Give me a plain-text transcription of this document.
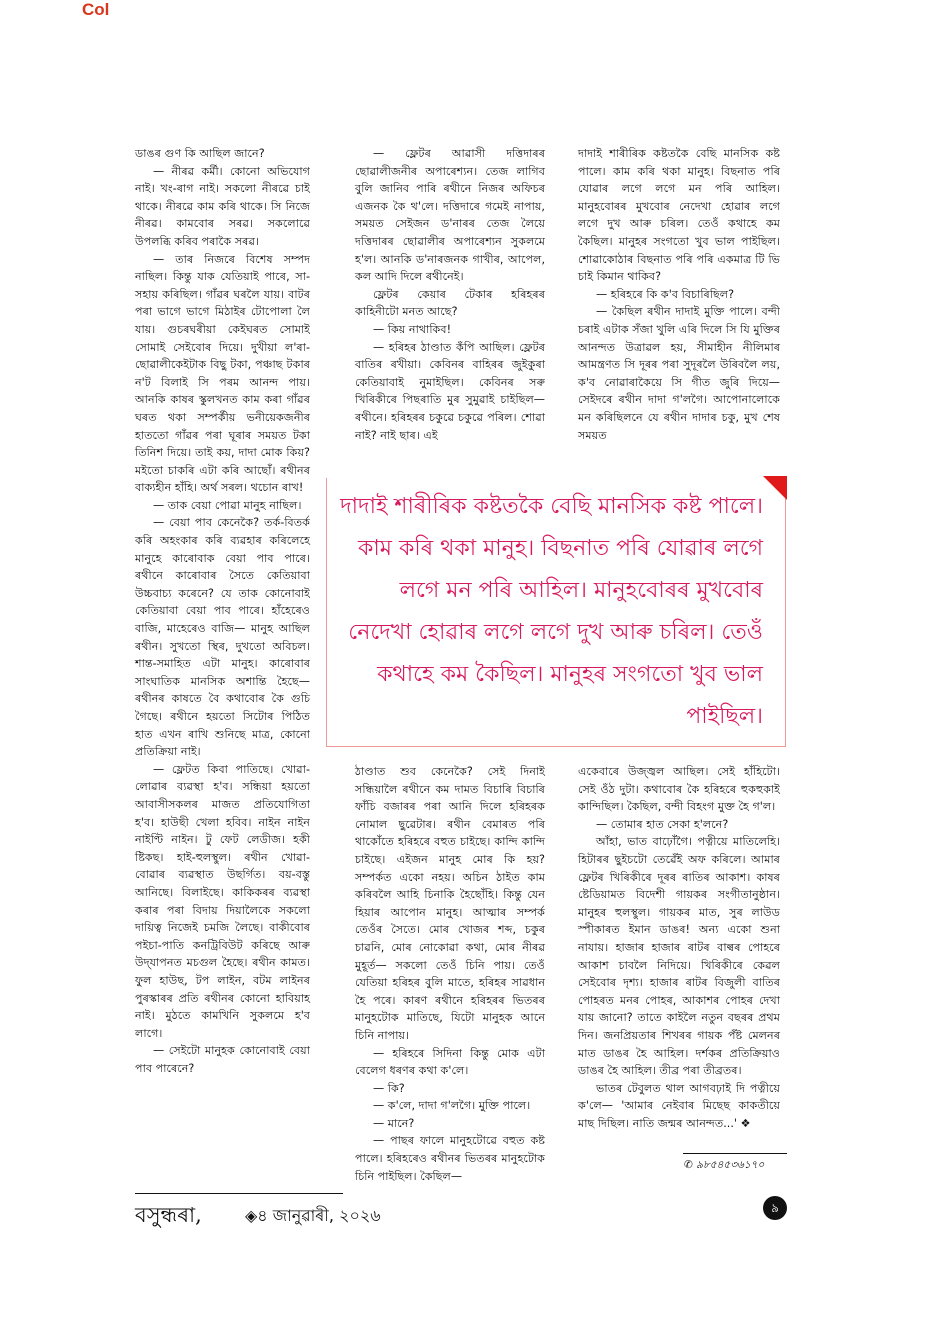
Col

ডাঙৰ গুণ কি আছিল জানে?

— নীৰৱ কৰ্মী। কোনো অভিযোগ নাই। খং-ৰাগ নাই। সকলো নীৰৱে চাই থাকে। নীৰৱে কাম কৰি থাকে। সি নিজে নীৰৱ। কামবোৰ সৰৱ। সকলোৱে উপলব্ধি কৰিব পৰাকৈ সৰৱ।

— তাৰ নিজৰে বিশেষ সম্পদ নাছিল। কিন্তু যাক যেতিয়াই পাৰে, সা-সহায় কৰিছিল। গাঁৱৰ ঘৰলৈ যায়। বাটৰ পৰা ভাগে ভাগে মিঠাইৰ টোপোলা লৈ যায়। গুচৰঘৰীয়া কেইঘৰত সোমাই সোমাই সেইবোৰ দিয়ে। দুখীয়া ল'ৰা-ছোৱালীকেইটাক বিছু টকা, পঞ্চাছ টকাৰ ন'ট বিলাই সি পৰম আনন্দ পায়। আনকি কাষৰ স্কুলখনত কাম কৰা গাঁৱৰ ঘৰত থকা সম্পৰ্কীয় ভনীয়েকজনীৰ হাততো গাঁৱৰ পৰা ঘূৰাৰ সময়ত টকা তিনিশ দিয়ে। তাই কয়, দাদা মোক কিয়? মইতো চাকৰি এটা কৰি আছোঁ। ৰথীনৰ বাক্যহীন হাঁহি। অৰ্থ সৰল। থচোন ৰাখ!

— তাক বেয়া পোৱা মানুহ নাছিল।

— বেয়া পাব কেনেকৈ? তৰ্ক-বিতৰ্ক কৰি অহংকাৰ কৰি ব্যৱহাৰ কৰিলেহে মানুহে কাৰোবাক বেয়া পাব পাৰে। ৰথীনে কাৰোবাৰ সৈতে কেতিয়াবা উচ্চবাচ্য কৰেনে? যে তাক কোনোবাই কেতিয়াবা বেয়া পাব পাৰে। হাঁহেৰেও বাজি, মাহেৰেও বাজি— মানুহ আছিল ৰথীন। সুখতো স্থিৰ, দুখতো অবিচল। শান্ত-সমাহিত এটা মানুহ। কাৰোবাৰ সাংঘাতিক মানসিক অশান্তি হৈছে— ৰথীনৰ কাষতে বৈ কথাবোৰ কৈ গুচি গৈছে। ৰথীনে হয়তো সিটোৰ পিঠিত হাত এখন ৰাখি শুনিছে মাত্ৰ, কোনো প্ৰতিক্ৰিয়া নাই।

— ফ্লেটত কিবা পাতিছে। খোৱা-লোৱাৰ ব্যৱস্থা হ'ব। সন্ধিয়া হয়তো আবাসীসকলৰ মাজত প্ৰতিযোগিতা হ'ব। হাউছী খেলা হবিব। নাইন নাইন নাইণ্টি নাইন। টু ফেট লেডীজ। হকী ষ্টিকছ। হাই-হুলস্থুল। ৰথীন খোৱা-বোৱাৰ ব্যৱস্থাত উছৰ্গিত। বয়-বস্তু আনিছে। বিলাইছে। কাকিকৰৰ ব্যৱস্থা কৰাৰ পৰা বিদায় দিয়ালৈকে সকলো দায়িত্ব নিজেই চমজি লৈছে। বাকীবোৰ পইচা-পাতি কনট্ৰিবিউট কৰিছে আৰু উদ্‌যাপনত মচগুল হৈছে। ৰথীন কামত। ফুল হাউছ, টপ লাইন, বটম লাইনৰ পুৰস্কাৰৰ প্ৰতি ৰথীনৰ কোনো হাবিয়াহ নাই। মুঠতে কামখিনি সুকলমে হ'ব লাগে।

— সেইটো মানুহক কোনোবাই বেয়া পাব পাৰেনে?

— ফ্লেটৰ আৱাসী দত্তিদাৰৰ ছোৱালীজনীৰ অপাৰেশ্যন। তেজ লাগিব বুলি জানিব পাৰি ৰথীনে নিজৰ অফিচৰ এজনক কৈ থ'লে। দত্তিদাৰে গমেই নাপায়, সময়ত সেইজন ড'নাৰৰ তেজ লৈয়ে দত্তিদাৰৰ ছোৱালীৰ অপাৰেশ্যন সুকলমে হ'ল। আনকি ড'নাৰজনক গাখীৰ, আপেল, কল আদি দিলে ৰথীনেই।

ফ্লেটৰ কেয়াৰ টেকাৰ হৰিহৰৰ কাহিনীটো মনত আছে?

— কিয় নাথাকিব!

— হৰিহৰ ঠাণ্ডাত কঁপি আছিল। ফ্লেটৰ বাতিৰ ৰখীয়া। কেবিনৰ বাহিৰৰ জুইকুৰা কেতিয়াবাই নুমাইছিল। কেবিনৰ সৰু খিৰিকীৰে পিছৰাতি মুৰ সুমুৱাই চাইছিল— ৰথীনে। হৰিহৰৰ চকুৱে চকুৱে পৰিল। শোৱা নাই? নাই ছাৰ। এই

দাদাই শাৰীৰিক কষ্টতকৈ বেছি মানসিক কষ্ট পালে। কাম কৰি থকা মানুহ। বিছনাত পৰি যোৱাৰ লগে লগে মন পৰি আহিল। মানুহবোৰৰ মুখবোৰ নেদেখা হোৱাৰ লগে লগে দুখ আৰু চৰিল। তেওঁ কথাহে কম কৈছিল। মানুহৰ সংগতো খুব ভাল পাইছিল। শোৱাকোঠাৰ বিছনাত পৰি পৰি একমাত্ৰ টি ভি চাই কিমান থাকিব?

— হৰিহৰে কি ক'ব বিচাৰিছিল?

— কৈছিল ৰথীন দাদাই মুক্তি পালে। বন্দী চৰাই এটাক সঁজা খুলি এৰি দিলে সি যি মুক্তিৰ আনন্দত উত্ৰাৱল হয়, সীমাহীন নীলিমাৰ আমন্ত্ৰণত সি দূৰৰ পৰা সুদূৰলৈ উৰিবলৈ লয়, ক'ব নোৱাৰাকৈয়ে সি গীত জুৰি দিয়ে— সেইদৰে ৰথীন দাদা গ'লগৈ। আপোনালোকে মন কৰিছিলনে যে ৰথীন দাদাৰ চকু, মুখ শেষ সময়ত

দাদাই শাৰীৰিক কষ্টতকৈ বেছি মানসিক কষ্ট পালে। কাম কৰি থকা মানুহ। বিছনাত পৰি যোৱাৰ লগে লগে মন পৰি আহিল। মানুহবোৰৰ মুখবোৰ নেদেখা হোৱাৰ লগে লগে দুখ আৰু চৰিল। তেওঁ কথাহে কম কৈছিল। মানুহৰ সংগতো খুব ভাল পাইছিল।

ঠাণ্ডাত শুব কেনেকৈ? সেই দিনাই সন্ধিয়ালৈ ৰথীনে কম দামত বিচাৰি বিচাৰি ফাঁচি বজাৰৰ পৰা আনি দিলে হৰিহৰক নোমাল ছুৱেটাৰ। ৰথীন বেমাৰত পৰি থাকোঁতে হৰিহৰে বহুত চাইছে। কান্দি কান্দি চাইছে। এইজন মানুহ মোৰ কি হয়? সম্পৰ্কত একো নহয়। অচিন ঠাইত কাম কৰিবলৈ আহি চিনাকি হৈছোঁহি। কিন্তু যেন হিয়াৰ আপোন মানুহ। আত্মাৰ সম্পৰ্ক তেওঁৰ সৈতে। মোৰ খোজৰ শব্দ, চকুৰ চাৱনি, মোৰ নোকোৱা কথা, মোৰ নীৰৱ মুহূৰ্ত— সকলো তেওঁ চিনি পায়। তেওঁ যেতিয়া হৰিহৰ বুলি মাতে, হৰিহৰ সাৱধান হৈ পৰে। কাৰণ ৰথীনে হৰিহৰৰ ভিতৰৰ মানুহটোক মাতিছে, যিটো মানুহক আনে চিনি নাপায়।

— হৰিহৰে সিদিনা কিন্তু মোক এটা বেলেগ ধৰণৰ কথা ক'লে।

— কি?

— ক'লে, দাদা গ'লগৈ। মুক্তি পালে।

— মানে?

— পাছৰ ফালে মানুহটোৱে বহুত কষ্ট পালে। হৰিহৰেও ৰথীনৰ ভিতৰৰ মানুহটোক চিনি পাইছিল। কৈছিল—

একেবাৰে উজ্জ্বল আছিল। সেই হাঁহিটো। সেই ওঁঠ দুটা। কথাবোৰ কৈ হৰিহৰে হুকহুকাই কান্দিছিল। কৈছিল, বন্দী বিহংগ মুক্ত হৈ গ'ল।

— তোমাৰ হাত সেকা হ'লনে?

আঁহা, ভাত বাঢ়োঁগৈ। পত্নীয়ে মাতিলেহি। হিটাৰৰ ছুইচটো তেৱেঁই অফ কৰিলে। আমাৰ ফ্লেটৰ খিৰিকীৰে দূৰৰ ৰাতিৰ আকাশ। কাষৰ ষ্টেডিয়ামত বিদেশী গায়কৰ সংগীতানুষ্ঠান। মানুহৰ হুলস্থুল। গায়কৰ মাত, সুৰ লাউড স্পীকাৰত ইমান ডাঙৰ! অন্য একো শুনা নাযায়। হাজাৰ হাজাৰ ৰাটৰ বাল্বৰ পোহৰে আকাশ চাবলৈ নিদিয়ে। খিৰিকীৰে কেৱল সেইবোৰ দৃশ্য। হাজাৰ ৰাটৰ বিজুলী বাতিৰ পোহৰত মনৰ পোহৰ, আকাশৰ পোহৰ দেখা যায় জানো? তাতে কাইলৈ নতুন বছৰৰ প্ৰথম দিন। জনপ্ৰিয়তাৰ শিখৰৰ গায়ক পঁষ্ট মেলনৰ মাত ডাঙৰ হৈ আহিল। দৰ্শকৰ প্ৰতিক্ৰিয়াও ডাঙৰ হৈ আহিল। তীব্ৰ পৰা তীব্ৰতৰ।

ভাতৰ টেবুলত থাল আগবঢ়াই দি পত্নীয়ে ক'লে— 'আমাৰ নেইবাৰ মিছেছ কাকতীয়ে মাছ দিছিল। নাতি জন্মৰ আনন্দত...' ❖

✆ ৯৮৫৪৫৩৬১৭০
বসুন্ধৰা,	◈৪ জানুৱাৰী, ২০২৬	৯
